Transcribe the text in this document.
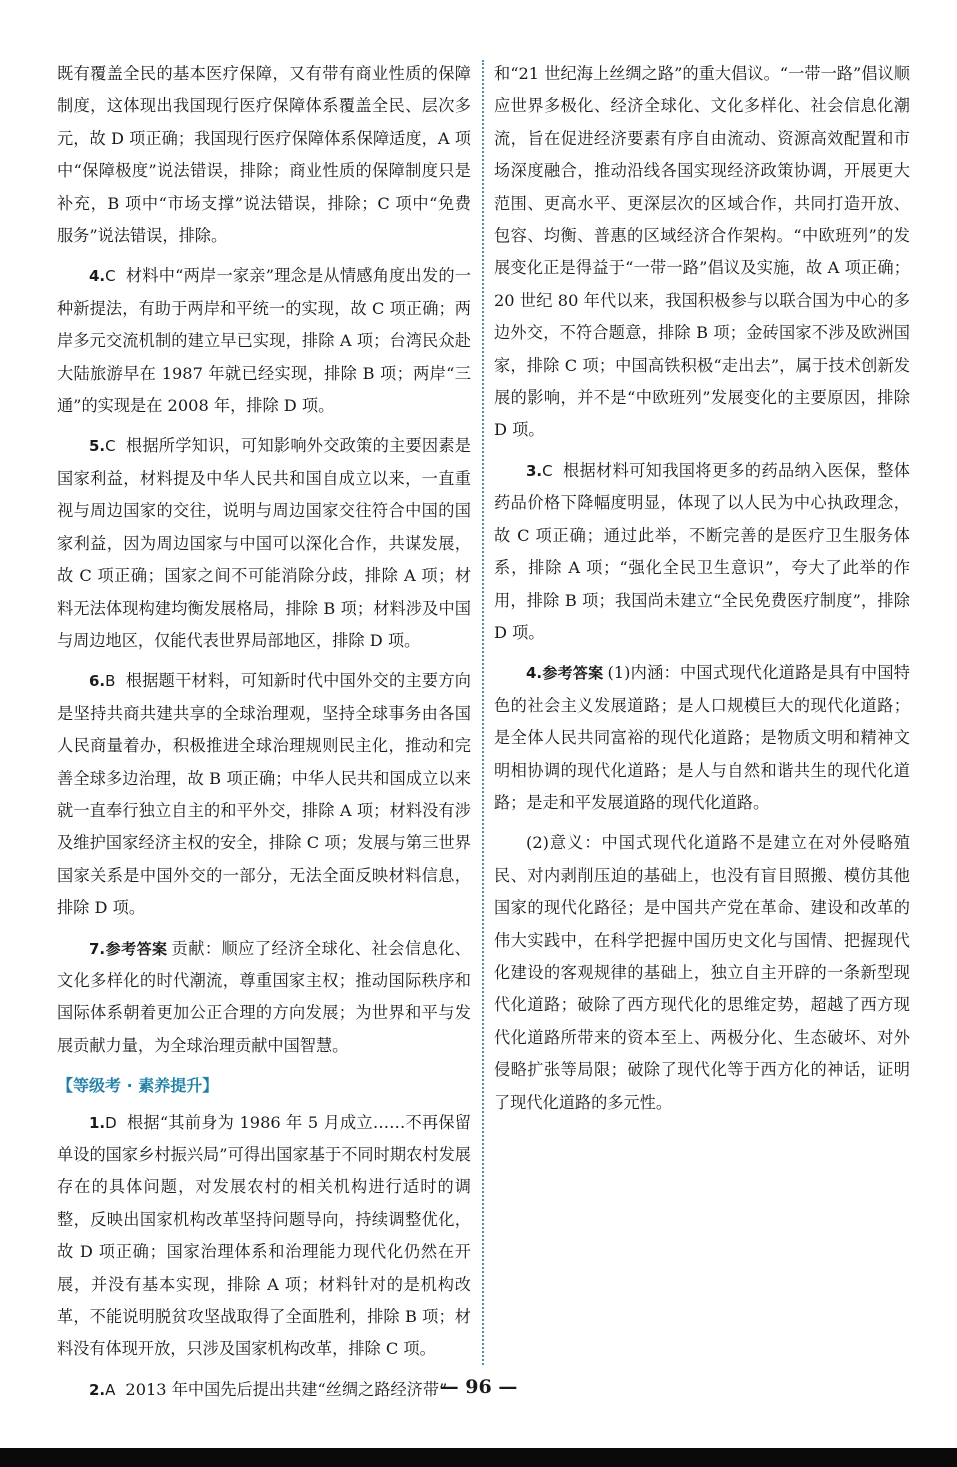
既有覆盖全民的基本医疗保障，又有带有商业性质的保障制度，这体现出我国现行医疗保障体系覆盖全民、层次多元，故 D 项正确；我国现行医疗保障体系保障适度，A 项中“保障极度”说法错误，排除；商业性质的保障制度只是补充，B 项中“市场支撑”说法错误，排除；C 项中“免费服务”说法错误，排除。

4.C 材料中“两岸一家亲”理念是从情感角度出发的一种新提法，有助于两岸和平统一的实现，故 C 项正确；两岸多元交流机制的建立早已实现，排除 A 项；台湾民众赴大陆旅游早在 1987 年就已经实现，排除 B 项；两岸“三通”的实现是在 2008 年，排除 D 项。

5.C 根据所学知识，可知影响外交政策的主要因素是国家利益，材料提及中华人民共和国自成立以来，一直重视与周边国家的交往，说明与周边国家交往符合中国的国家利益，因为周边国家与中国可以深化合作，共谋发展，故 C 项正确；国家之间不可能消除分歧，排除 A 项；材料无法体现构建均衡发展格局，排除 B 项；材料涉及中国与周边地区，仅能代表世界局部地区，排除 D 项。

6.B 根据题干材料，可知新时代中国外交的主要方向是坚持共商共建共享的全球治理观，坚持全球事务由各国人民商量着办，积极推进全球治理规则民主化，推动和完善全球多边治理，故 B 项正确；中华人民共和国成立以来就一直奉行独立自主的和平外交，排除 A 项；材料没有涉及维护国家经济主权的安全，排除 C 项；发展与第三世界国家关系是中国外交的一部分，无法全面反映材料信息，排除 D 项。

7.参考答案 贡献：顺应了经济全球化、社会信息化、文化多样化的时代潮流，尊重国家主权；推动国际秩序和国际体系朝着更加公正合理的方向发展；为世界和平与发展贡献力量，为全球治理贡献中国智慧。

【等级考 · 素养提升】

1.D 根据“其前身为 1986 年 5 月成立……不再保留单设的国家乡村振兴局”可得出国家基于不同时期农村发展存在的具体问题，对发展农村的相关机构进行适时的调整，反映出国家机构改革坚持问题导向，持续调整优化，故 D 项正确；国家治理体系和治理能力现代化仍然在开展，并没有基本实现，排除 A 项；材料针对的是机构改革，不能说明脱贫攻坚战取得了全面胜利，排除 B 项；材料没有体现开放，只涉及国家机构改革，排除 C 项。

2.A 2013 年中国先后提出共建“丝绸之路经济带”

和“21 世纪海上丝绸之路”的重大倡议。“一带一路”倡议顺应世界多极化、经济全球化、文化多样化、社会信息化潮流，旨在促进经济要素有序自由流动、资源高效配置和市场深度融合，推动沿线各国实现经济政策协调，开展更大范围、更高水平、更深层次的区域合作，共同打造开放、包容、均衡、普惠的区域经济合作架构。“中欧班列”的发展变化正是得益于“一带一路”倡议及实施，故 A 项正确；20 世纪 80 年代以来，我国积极参与以联合国为中心的多边外交，不符合题意，排除 B 项；金砖国家不涉及欧洲国家，排除 C 项；中国高铁积极“走出去”，属于技术创新发展的影响，并不是“中欧班列”发展变化的主要原因，排除 D 项。

3.C 根据材料可知我国将更多的药品纳入医保，整体药品价格下降幅度明显，体现了以人民为中心执政理念，故 C 项正确；通过此举，不断完善的是医疗卫生服务体系，排除 A 项；“强化全民卫生意识”，夸大了此举的作用，排除 B 项；我国尚未建立“全民免费医疗制度”，排除 D 项。

4.参考答案 (1)内涵：中国式现代化道路是具有中国特色的社会主义发展道路；是人口规模巨大的现代化道路；是全体人民共同富裕的现代化道路；是物质文明和精神文明相协调的现代化道路；是人与自然和谐共生的现代化道路；是走和平发展道路的现代化道路。

(2)意义：中国式现代化道路不是建立在对外侵略殖民、对内剥削压迫的基础上，也没有盲目照搬、模仿其他国家的现代化路径；是中国共产党在革命、建设和改革的伟大实践中，在科学把握中国历史文化与国情、把握现代化建设的客观规律的基础上，独立自主开辟的一条新型现代化道路；破除了西方现代化的思维定势，超越了西方现代化道路所带来的资本至上、两极分化、生态破坏、对外侵略扩张等局限；破除了现代化等于西方化的神话，证明了现代化道路的多元性。

— 96 —
